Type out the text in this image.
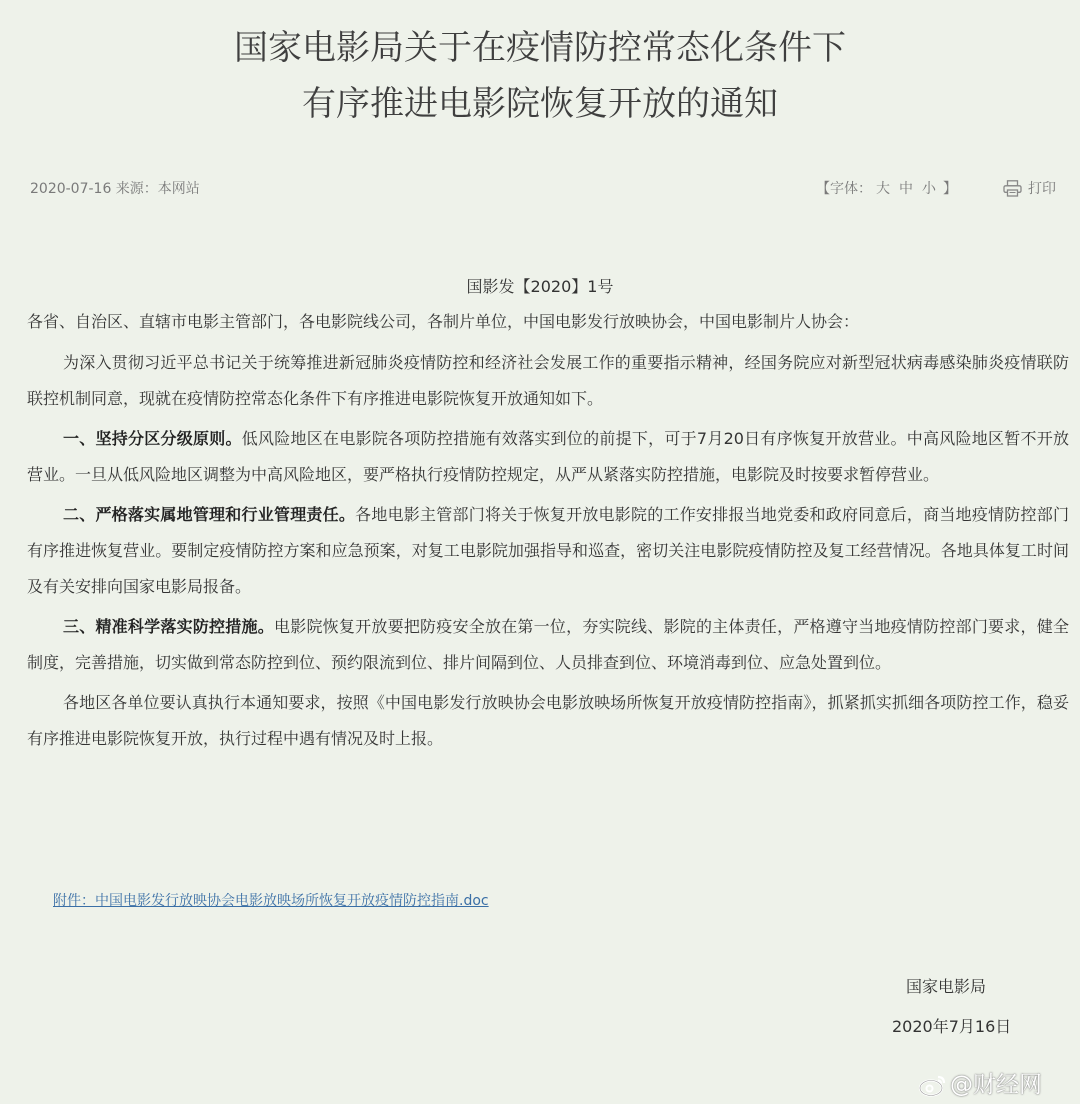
国家电影局关于在疫情防控常态化条件下
有序推进电影院恢复开放的通知
2020-07-16 来源：本网站	【字体： 大 中 小 】	打印
国影发【2020】1号
各省、自治区、直辖市电影主管部门，各电影院线公司，各制片单位，中国电影发行放映协会，中国电影制片人协会：

为深入贯彻习近平总书记关于统筹推进新冠肺炎疫情防控和经济社会发展工作的重要指示精神，经国务院应对新型冠状病毒感染肺炎疫情联防联控机制同意，现就在疫情防控常态化条件下有序推进电影院恢复开放通知如下。

一、坚持分区分级原则。低风险地区在电影院各项防控措施有效落实到位的前提下，可于7月20日有序恢复开放营业。中高风险地区暂不开放营业。一旦从低风险地区调整为中高风险地区，要严格执行疫情防控规定，从严从紧落实防控措施，电影院及时按要求暂停营业。

二、严格落实属地管理和行业管理责任。各地电影主管部门将关于恢复开放电影院的工作安排报当地党委和政府同意后，商当地疫情防控部门有序推进恢复营业。要制定疫情防控方案和应急预案，对复工电影院加强指导和巡查，密切关注电影院疫情防控及复工经营情况。各地具体复工时间及有关安排向国家电影局报备。

三、精准科学落实防控措施。电影院恢复开放要把防疫安全放在第一位，夯实院线、影院的主体责任，严格遵守当地疫情防控部门要求，健全制度，完善措施，切实做到常态防控到位、预约限流到位、排片间隔到位、人员排查到位、环境消毒到位、应急处置到位。

各地区各单位要认真执行本通知要求，按照《中国电影发行放映协会电影放映场所恢复开放疫情防控指南》，抓紧抓实抓细各项防控工作，稳妥有序推进电影院恢复开放，执行过程中遇有情况及时上报。

附件：中国电影发行放映协会电影放映场所恢复开放疫情防控指南.doc
国家电影局
2020年7月16日
@财经网
